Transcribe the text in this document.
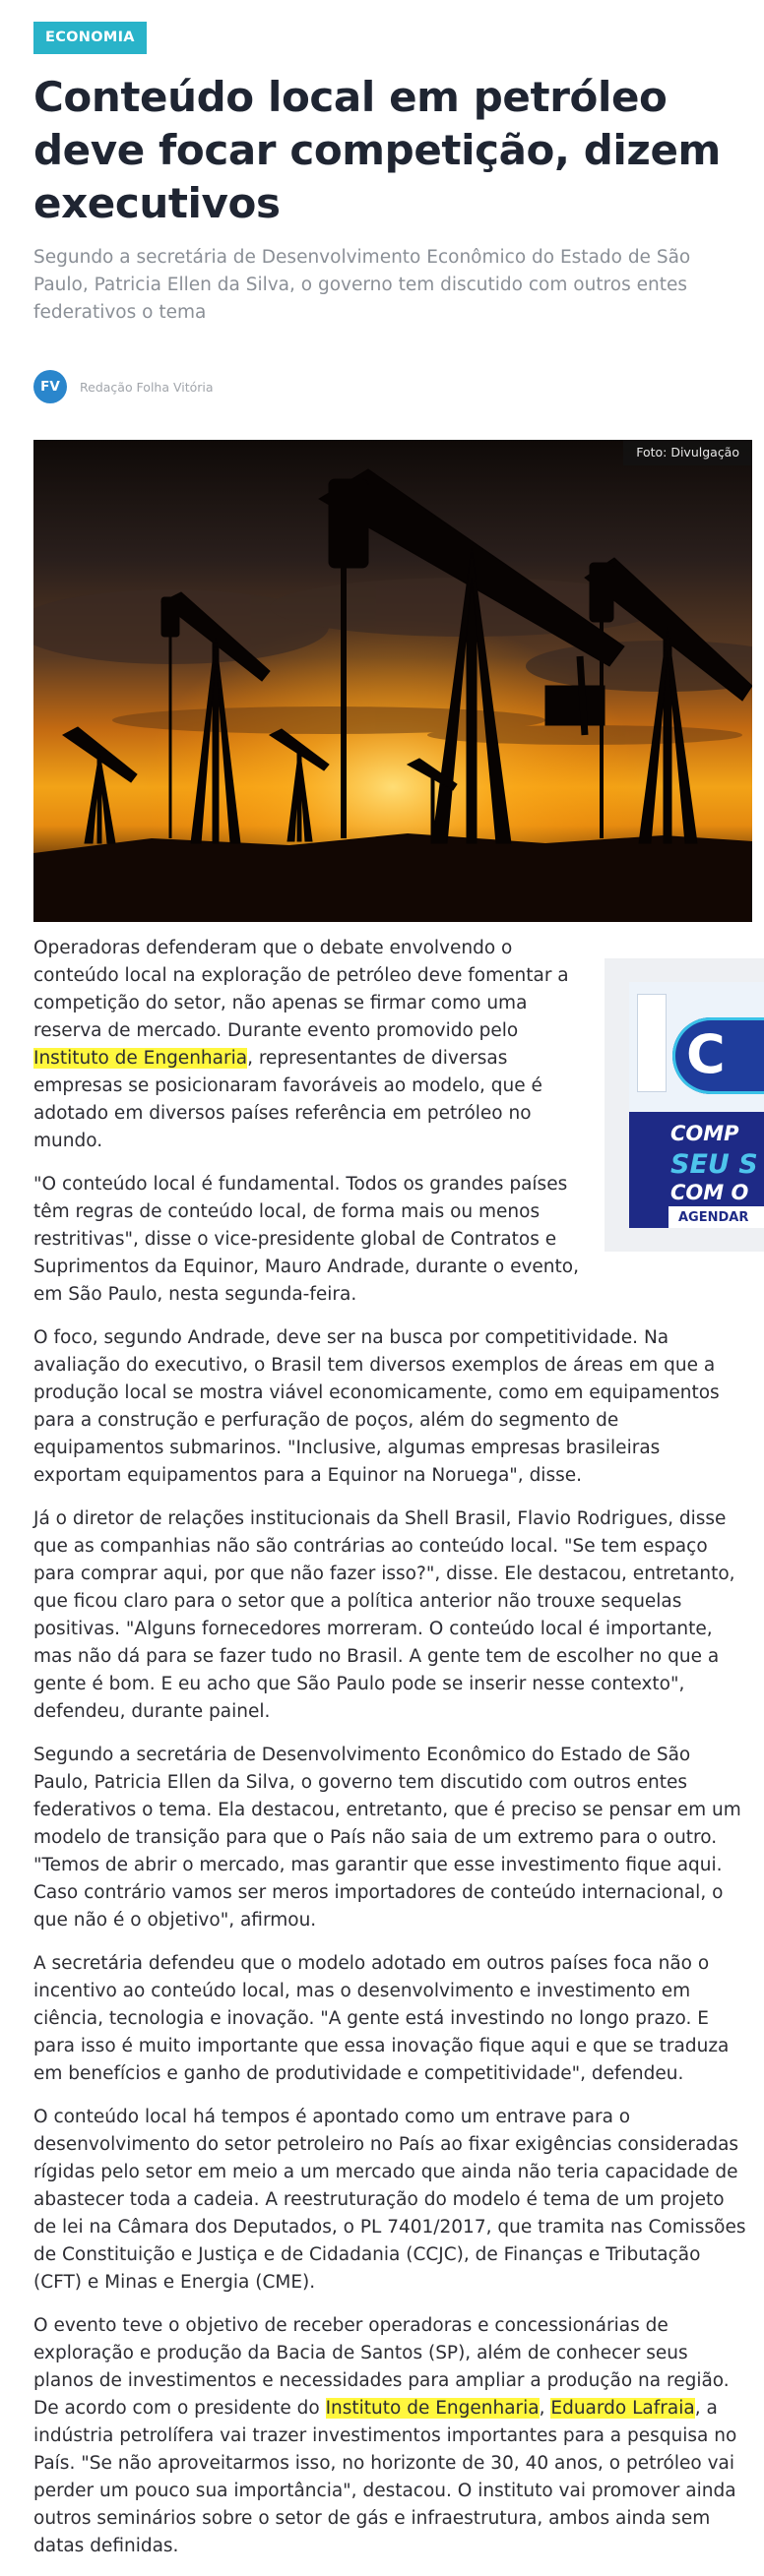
ECONOMIA
Conteúdo local em petróleo deve focar competição, dizem executivos

Segundo a secretária de Desenvolvimento Econômico do Estado de São Paulo, Patricia Ellen da Silva, o governo tem discutido com outros entes federativos o tema

FV	Redação Folha Vitória
Foto: Divulgação
C
COMP
SEU S
COM O
AGENDAR

Operadoras defenderam que o debate envolvendo o conteúdo local na exploração de petróleo deve fomentar a competição do setor, não apenas se firmar como uma reserva de mercado. Durante evento promovido pelo Instituto de Engenharia, representantes de diversas empresas se posicionaram favoráveis ao modelo, que é adotado em diversos países referência em petróleo no mundo.

"O conteúdo local é fundamental. Todos os grandes países têm regras de conteúdo local, de forma mais ou menos restritivas", disse o vice-presidente global de Contratos e Suprimentos da Equinor, Mauro Andrade, durante o evento, em São Paulo, nesta segunda-feira.

O foco, segundo Andrade, deve ser na busca por competitividade. Na avaliação do executivo, o Brasil tem diversos exemplos de áreas em que a produção local se mostra viável economicamente, como em equipamentos para a construção e perfuração de poços, além do segmento de equipamentos submarinos. "Inclusive, algumas empresas brasileiras exportam equipamentos para a Equinor na Noruega", disse.

Já o diretor de relações institucionais da Shell Brasil, Flavio Rodrigues, disse que as companhias não são contrárias ao conteúdo local. "Se tem espaço para comprar aqui, por que não fazer isso?", disse. Ele destacou, entretanto, que ficou claro para o setor que a política anterior não trouxe sequelas positivas. "Alguns fornecedores morreram. O conteúdo local é importante, mas não dá para se fazer tudo no Brasil. A gente tem de escolher no que a gente é bom. E eu acho que São Paulo pode se inserir nesse contexto", defendeu, durante painel.

Segundo a secretária de Desenvolvimento Econômico do Estado de São Paulo, Patricia Ellen da Silva, o governo tem discutido com outros entes federativos o tema. Ela destacou, entretanto, que é preciso se pensar em um modelo de transição para que o País não saia de um extremo para o outro. "Temos de abrir o mercado, mas garantir que esse investimento fique aqui. Caso contrário vamos ser meros importadores de conteúdo internacional, o que não é o objetivo", afirmou.

A secretária defendeu que o modelo adotado em outros países foca não o incentivo ao conteúdo local, mas o desenvolvimento e investimento em ciência, tecnologia e inovação. "A gente está investindo no longo prazo. E para isso é muito importante que essa inovação fique aqui e que se traduza em benefícios e ganho de produtividade e competitividade", defendeu.

O conteúdo local há tempos é apontado como um entrave para o desenvolvimento do setor petroleiro no País ao fixar exigências consideradas rígidas pelo setor em meio a um mercado que ainda não teria capacidade de abastecer toda a cadeia. A reestruturação do modelo é tema de um projeto de lei na Câmara dos Deputados, o PL 7401/2017, que tramita nas Comissões de Constituição e Justiça e de Cidadania (CCJC), de Finanças e Tributação (CFT) e Minas e Energia (CME).

O evento teve o objetivo de receber operadoras e concessionárias de exploração e produção da Bacia de Santos (SP), além de conhecer seus planos de investimentos e necessidades para ampliar a produção na região. De acordo com o presidente do Instituto de Engenharia, Eduardo Lafraia, a indústria petrolífera vai trazer investimentos importantes para a pesquisa no País. "Se não aproveitarmos isso, no horizonte de 30, 40 anos, o petróleo vai perder um pouco sua importância", destacou. O instituto vai promover ainda outros seminários sobre o setor de gás e infraestrutura, ambos ainda sem datas definidas.
